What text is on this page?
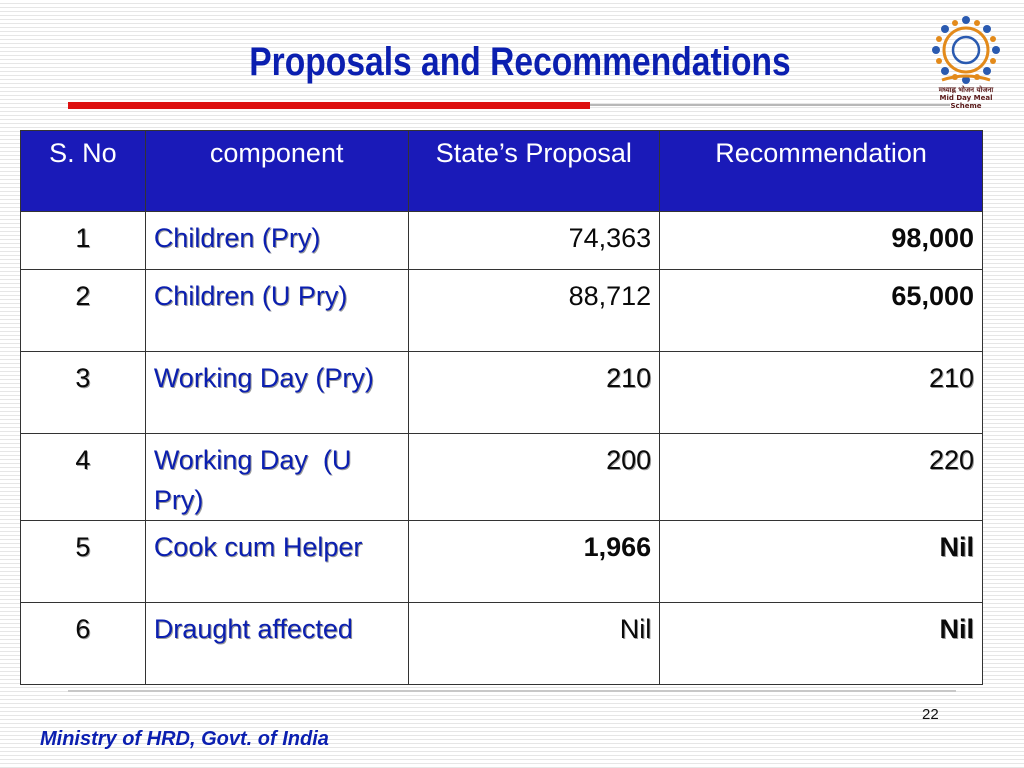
Proposals and Recommendations
मध्याह्न भोजन योजना
Mid Day Meal Scheme
S. No	component	State’s Proposal	Recommendation
1	Children (Pry)	74,363	98,000
2	Children (U Pry)	88,712	65,000
3	Working Day (Pry)	210	210
4	Working Day  (U Pry)	200	220
5	Cook cum Helper	1,966	Nil
6	Draught affected	Nil	Nil
22
Ministry of HRD, Govt. of India
